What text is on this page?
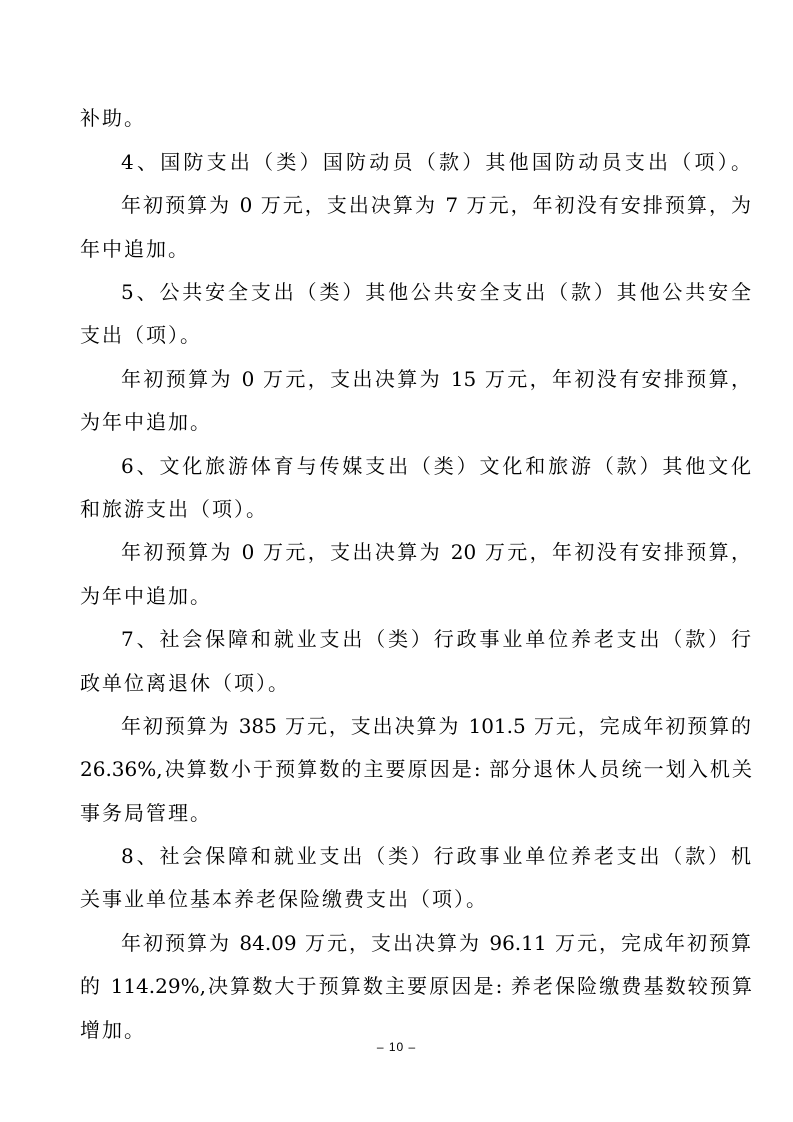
补助。
4、国防支出（类）国防动员（款）其他国防动员支出（项）。
年初预算为 0 万元，支出决算为 7 万元，年初没有安排预算，为
年中追加。
5、公共安全支出（类）其他公共安全支出（款）其他公共安全
支出（项）。
年初预算为 0 万元，支出决算为 15 万元，年初没有安排预算，
为年中追加。
6、文化旅游体育与传媒支出（类）文化和旅游（款）其他文化
和旅游支出（项）。
年初预算为 0 万元，支出决算为 20 万元，年初没有安排预算，
为年中追加。
7、社会保障和就业支出（类）行政事业单位养老支出（款）行
政单位离退休（项）。
年初预算为 385 万元，支出决算为 101.5 万元，完成年初预算的
26.36%,决算数小于预算数的主要原因是: 部分退休人员统一划入机关
事务局管理。
8、社会保障和就业支出（类）行政事业单位养老支出（款）机
关事业单位基本养老保险缴费支出（项）。
年初预算为 84.09 万元，支出决算为 96.11 万元，完成年初预算
的 114.29%,决算数大于预算数主要原因是: 养老保险缴费基数较预算
增加。
– 10 –
